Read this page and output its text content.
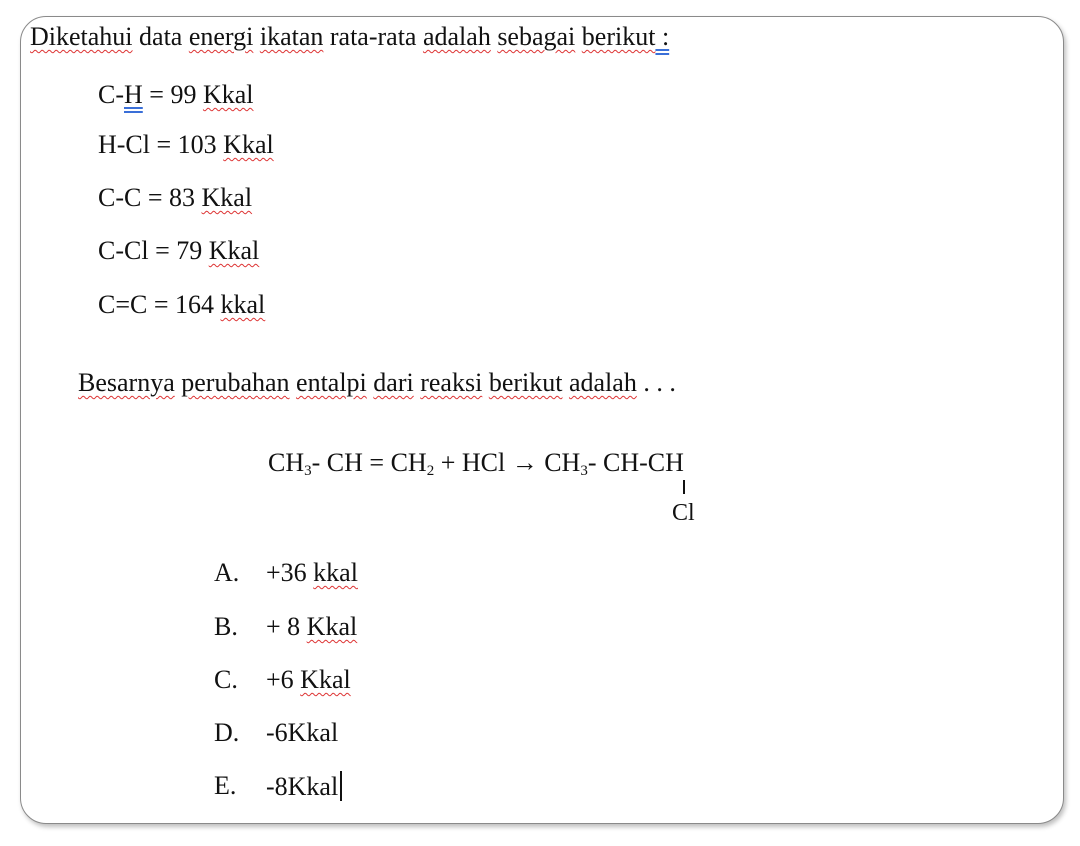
Diketahui data energi ikatan rata-rata adalah sebagai berikut :
C-H = 99 Kkal
H-Cl = 103 Kkal
C-C = 83 Kkal
C-Cl = 79 Kkal
C=C = 164 kkal
Besarnya perubahan entalpi dari reaksi berikut adalah . . .
$CH_3-$ CH = $CH_2$ + HCl → $CH_3-$ CH-CH
Cl
A. +36 kkal
B. + 8 Kkal
C. +6 Kkal
D. -6Kkal
E. -8Kkal
